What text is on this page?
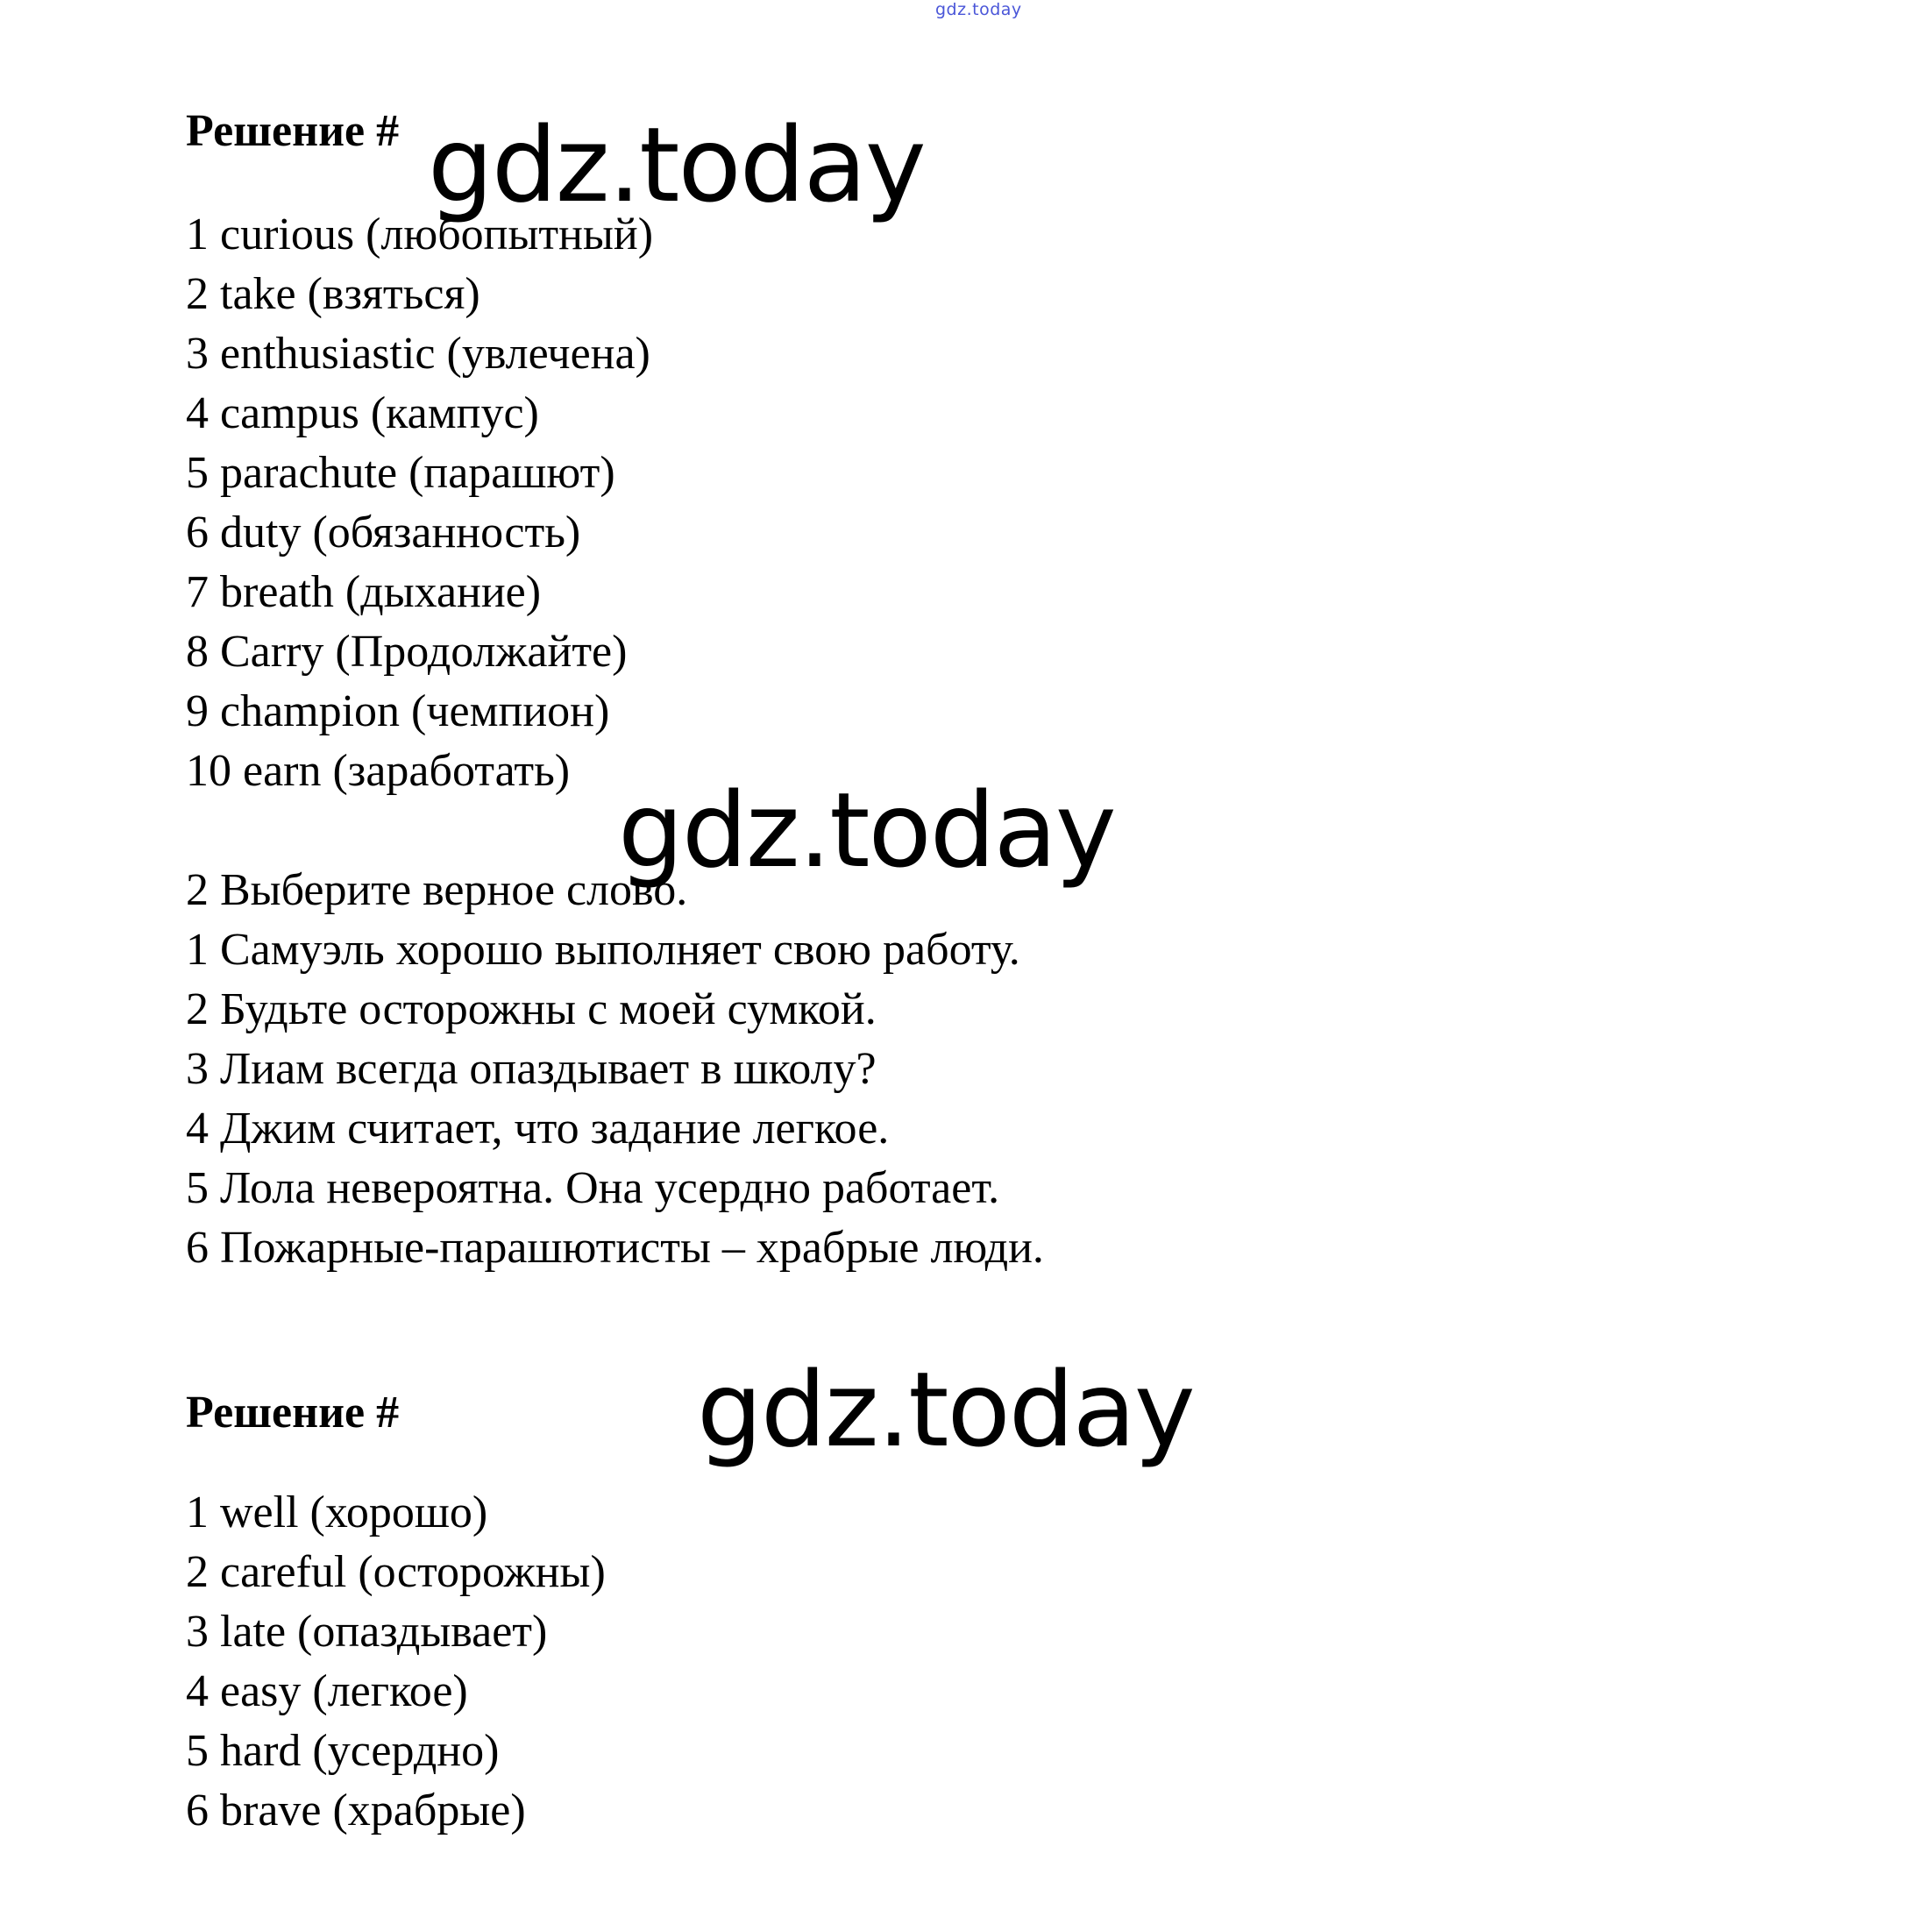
gdz.today
Решение # gdz.today
1 curious (любопытный)
2 take (взяться)
3 enthusiastic (увлечена)
4 campus (кампус)
5 parachute (парашют)
6 duty (обязанность)
7 breath (дыхание)
8 Carry (Продолжайте)
9 champion (чемпион)
10 earn (заработать) gdz.today
2 Выберите верное слово.
1 Самуэль хорошо выполняет свою работу.
2 Будьте осторожны с моей сумкой.
3 Лиам всегда опаздывает в школу?
4 Джим считает, что задание легкое.
5 Лола невероятна. Она усердно работает.
6 Пожарные-парашютисты – храбрые люди.
Решение #	gdz.today
1 well (хорошо)
2 careful (осторожны)
3 late (опаздывает)
4 easy (легкое)
5 hard (усердно)
6 brave (храбрые)
